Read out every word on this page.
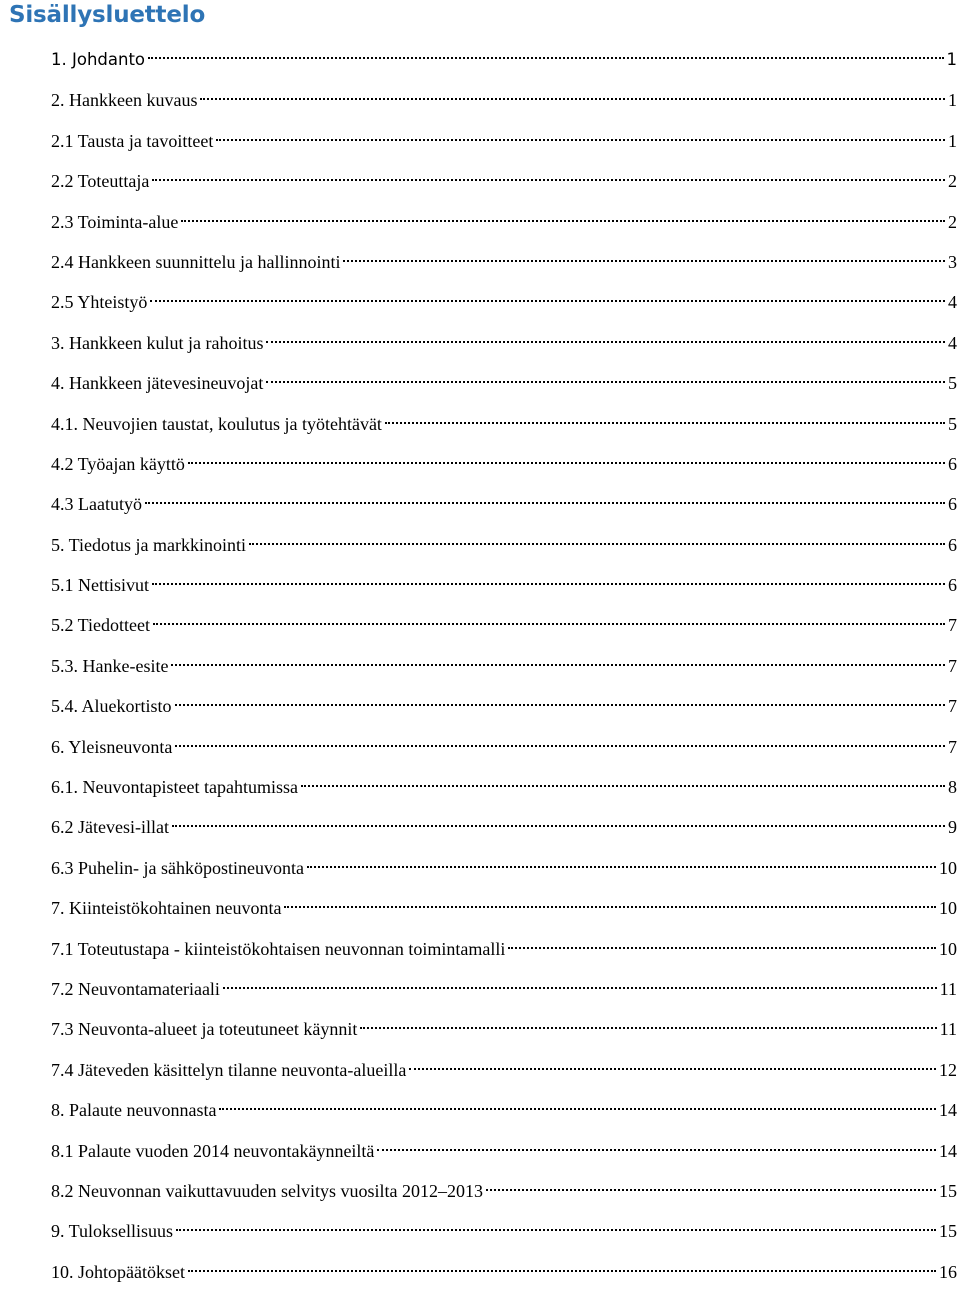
Sisällysluettelo
1. Johdanto	1
2. Hankkeen kuvaus	1
2.1 Tausta ja tavoitteet	1
2.2 Toteuttaja	2
2.3 Toiminta-alue	2
2.4 Hankkeen suunnittelu ja hallinnointi	3
2.5 Yhteistyö	4
3. Hankkeen kulut ja rahoitus	4
4. Hankkeen jätevesineuvojat	5
4.1. Neuvojien taustat, koulutus ja työtehtävät	5
4.2 Työajan käyttö	6
4.3 Laatutyö	6
5. Tiedotus ja markkinointi	6
5.1 Nettisivut	6
5.2 Tiedotteet	7
5.3. Hanke-esite	7
5.4. Aluekortisto	7
6. Yleisneuvonta	7
6.1. Neuvontapisteet tapahtumissa	8
6.2 Jätevesi-illat	9
6.3 Puhelin- ja sähköpostineuvonta	10
7. Kiinteistökohtainen neuvonta	10
7.1 Toteutustapa - kiinteistökohtaisen neuvonnan toimintamalli	10
7.2 Neuvontamateriaali	11
7.3 Neuvonta-alueet ja toteutuneet käynnit	11
7.4 Jäteveden käsittelyn tilanne neuvonta-alueilla	12
8. Palaute neuvonnasta	14
8.1 Palaute vuoden 2014 neuvontakäynneiltä	14
8.2 Neuvonnan vaikuttavuuden selvitys vuosilta 2012–2013	15
9. Tuloksellisuus	15
10. Johtopäätökset	16
